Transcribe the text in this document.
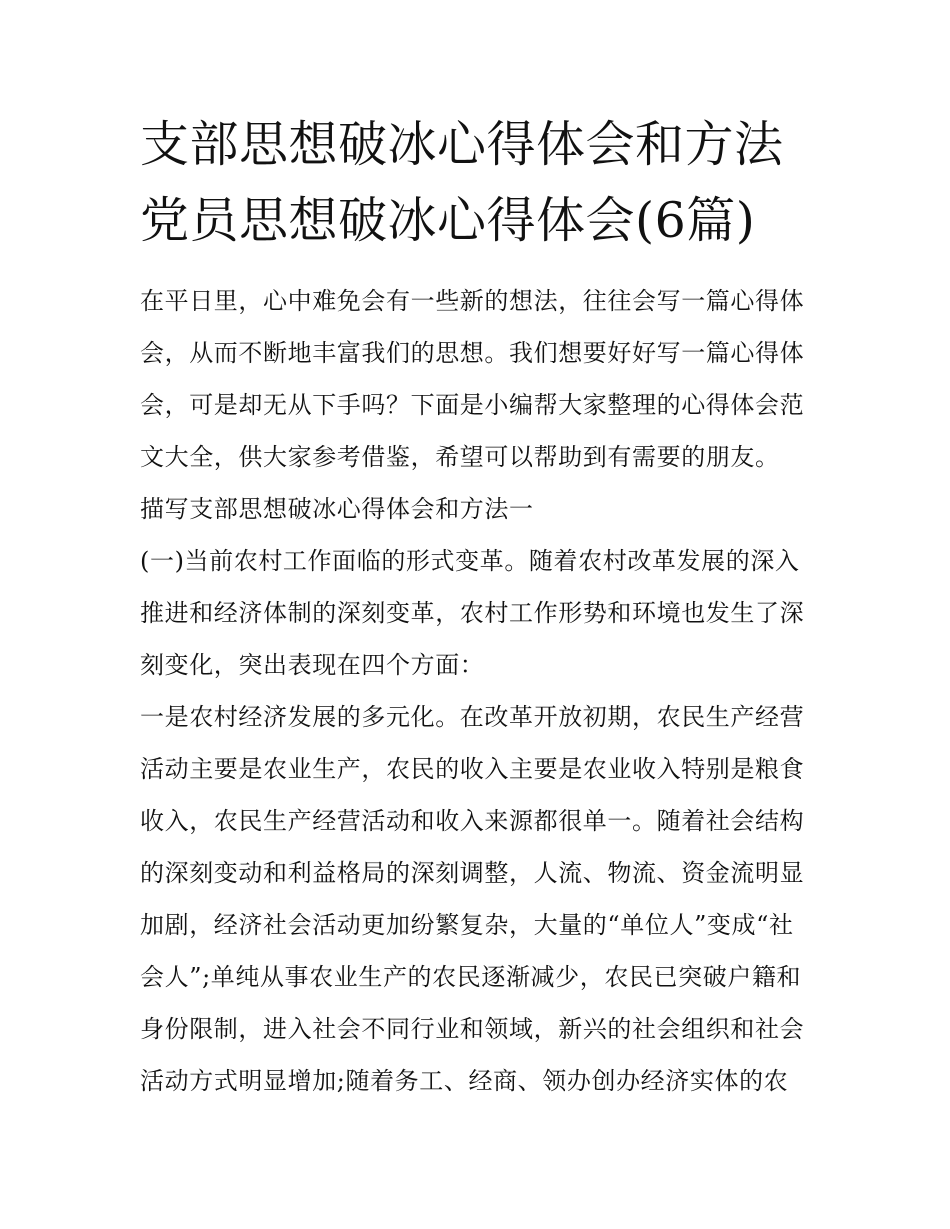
支部思想破冰心得体会和方法
党员思想破冰心得体会(6篇)
在平日里，心中难免会有一些新的想法，往往会写一篇心得体
会，从而不断地丰富我们的思想。我们想要好好写一篇心得体
会，可是却无从下手吗？下面是小编帮大家整理的心得体会范
文大全，供大家参考借鉴，希望可以帮助到有需要的朋友。
描写支部思想破冰心得体会和方法一
(一)当前农村工作面临的形式变革。随着农村改革发展的深入
推进和经济体制的深刻变革，农村工作形势和环境也发生了深
刻变化，突出表现在四个方面：
一是农村经济发展的多元化。在改革开放初期，农民生产经营
活动主要是农业生产，农民的收入主要是农业收入特别是粮食
收入，农民生产经营活动和收入来源都很单一。随着社会结构
的深刻变动和利益格局的深刻调整，人流、物流、资金流明显
加剧，经济社会活动更加纷繁复杂，大量的“单位人”变成“社
会人”;单纯从事农业生产的农民逐渐减少，农民已突破户籍和
身份限制，进入社会不同行业和领域，新兴的社会组织和社会
活动方式明显增加;随着务工、经商、领办创办经济实体的农
